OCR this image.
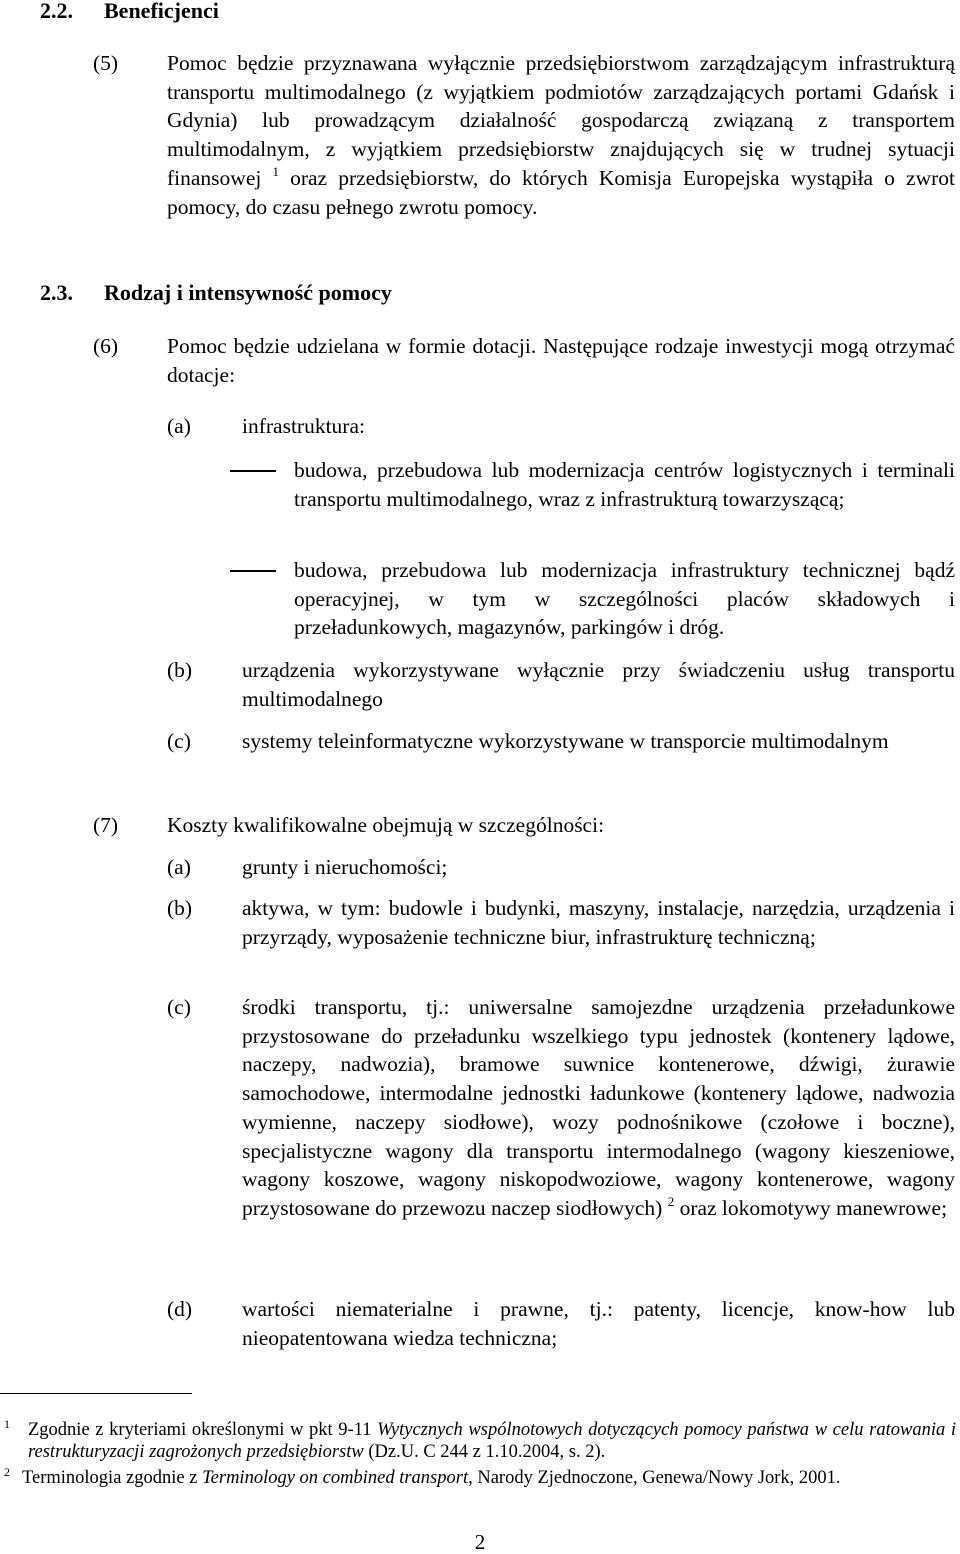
2.2. Beneficjenci
(5) Pomoc będzie przyznawana wyłącznie przedsiębiorstwom zarządzającym infrastrukturą transportu multimodalnego (z wyjątkiem podmiotów zarządzających portami Gdańsk i Gdynia) lub prowadzącym działalność gospodarczą związaną z transportem multimodalnym, z wyjątkiem przedsiębiorstw znajdujących się w trudnej sytuacji finansowej $^1$ oraz przedsiębiorstw, do których Komisja Europejska wystąpiła o zwrot pomocy, do czasu pełnego zwrotu pomocy.
2.3. Rodzaj i intensywność pomocy
(6) Pomoc będzie udzielana w formie dotacji. Następujące rodzaje inwestycji mogą otrzymać dotacje:
(a) infrastruktura:
budowa, przebudowa lub modernizacja centrów logistycznych i terminali transportu multimodalnego, wraz z infrastrukturą towarzyszącą;
budowa, przebudowa lub modernizacja infrastruktury technicznej bądź operacyjnej, w tym w szczególności placów składowych i przeładunkowych, magazynów, parkingów i dróg.
(b) urządzenia wykorzystywane wyłącznie przy świadczeniu usług transportu multimodalnego
(c) systemy teleinformatyczne wykorzystywane w transporcie multimodalnym
(7) Koszty kwalifikowalne obejmują w szczególności:
(a) grunty i nieruchomości;
(b) aktywa, w tym: budowle i budynki, maszyny, instalacje, narzędzia, urządzenia i przyrządy, wyposażenie techniczne biur, infrastrukturę techniczną;
(c) środki transportu, tj.: uniwersalne samojezdne urządzenia przeładunkowe przystosowane do przeładunku wszelkiego typu jednostek (kontenery lądowe, naczepy, nadwozia), bramowe suwnice kontenerowe, dźwigi, żurawie samochodowe, intermodalne jednostki ładunkowe (kontenery lądowe, nadwozia wymienne, naczepy siodłowe), wozy podnośnikowe (czołowe i boczne), specjalistyczne wagony dla transportu intermodalnego (wagony kieszeniowe, wagony koszowe, wagony niskopodwoziowe, wagony kontenerowe, wagony przystosowane do przewozu naczep siodłowych) $^2$ oraz lokomotywy manewrowe;
(d) wartości niematerialne i prawne, tj.: patenty, licencje, know-how lub nieopatentowana wiedza techniczna;
1 Zgodnie z kryteriami określonymi w pkt 9-11 Wytycznych wspólnotowych dotyczących pomocy państwa w celu ratowania i restrukturyzacji zagrożonych przedsiębiorstw (Dz.U. C 244 z 1.10.2004, s. 2).
2 Terminologia zgodnie z Terminology on combined transport, Narody Zjednoczone, Genewa/Nowy Jork, 2001.
2
